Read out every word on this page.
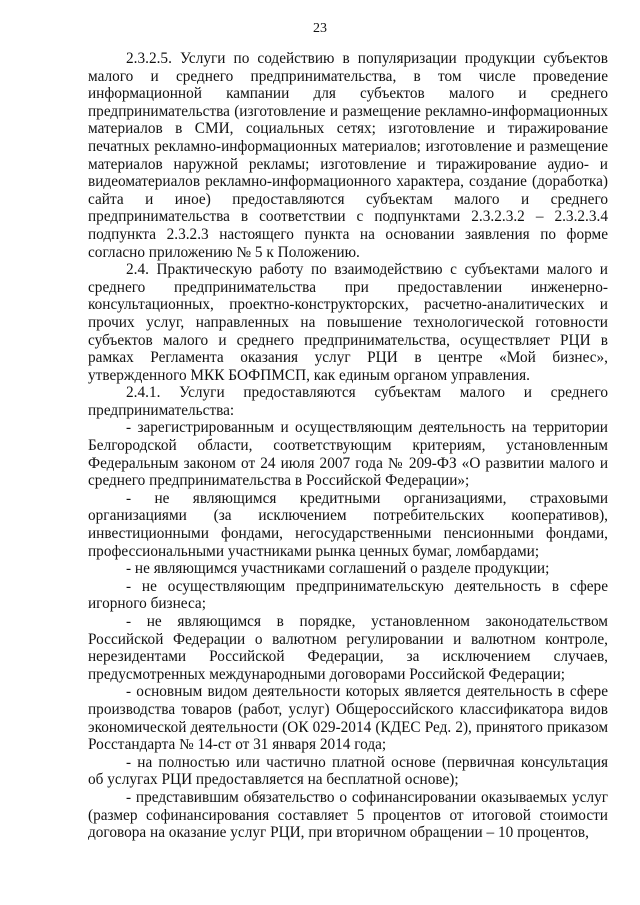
23

2.3.2.5. Услуги по содействию в популяризации продукции субъектов малого и среднего предпринимательства, в том числе проведение информационной кампании для субъектов малого и среднего предпринимательства (изготовление и размещение рекламно-информационных материалов в СМИ, социальных сетях; изготовление и тиражирование печатных рекламно-информационных материалов; изготовление и размещение материалов наружной рекламы; изготовление и тиражирование аудио- и видеоматериалов рекламно-информационного характера, создание (доработка) сайта и иное) предоставляются субъектам малого и среднего предпринимательства в соответствии с подпунктами 2.3.2.3.2 – 2.3.2.3.4 подпункта 2.3.2.3 настоящего пункта на основании заявления по форме согласно приложению № 5 к Положению.

2.4. Практическую работу по взаимодействию с субъектами малого и среднего предпринимательства при предоставлении инженерно-консультационных, проектно-конструкторских, расчетно-аналитических и прочих услуг, направленных на повышение технологической готовности субъектов малого и среднего предпринимательства, осуществляет РЦИ в рамках Регламента оказания услуг РЦИ в центре «Мой бизнес», утвержденного МКК БОФПМСП, как единым органом управления.

2.4.1. Услуги предоставляются субъектам малого и среднего предпринимательства:

- зарегистрированным и осуществляющим деятельность на территории Белгородской области, соответствующим критериям, установленным Федеральным законом от 24 июля 2007 года № 209-ФЗ «О развитии малого и среднего предпринимательства в Российской Федерации»;

- не являющимся кредитными организациями, страховыми организациями (за исключением потребительских кооперативов), инвестиционными фондами, негосударственными пенсионными фондами, профессиональными участниками рынка ценных бумаг, ломбардами;

- не являющимся участниками соглашений о разделе продукции;

- не осуществляющим предпринимательскую деятельность в сфере игорного бизнеса;

- не являющимся в порядке, установленном законодательством Российской Федерации о валютном регулировании и валютном контроле, нерезидентами Российской Федерации, за исключением случаев, предусмотренных международными договорами Российской Федерации;

- основным видом деятельности которых является деятельность в сфере производства товаров (работ, услуг) Общероссийского классификатора видов экономической деятельности (ОК 029-2014 (КДЕС Ред. 2), принятого приказом Росстандарта № 14-ст от 31 января 2014 года;

- на полностью или частично платной основе (первичная консультация об услугах РЦИ предоставляется на бесплатной основе);

- представившим обязательство о софинансировании оказываемых услуг (размер софинансирования составляет 5 процентов от итоговой стоимости договора на оказание услуг РЦИ, при вторичном обращении – 10 процентов,
